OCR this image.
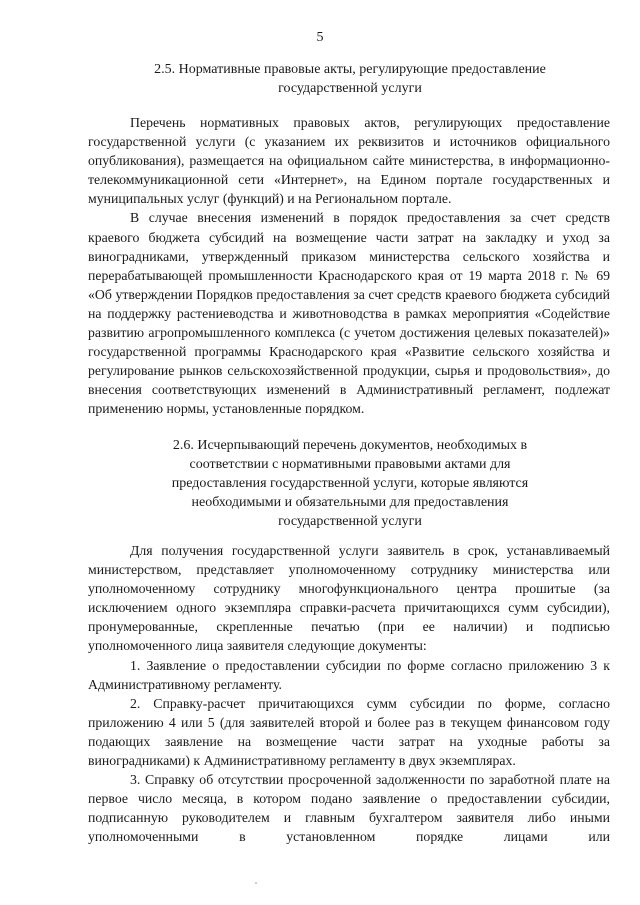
5
2.5. Нормативные правовые акты, регулирующие предоставление
государственной услуги

Перечень нормативных правовых актов, регулирующих предоставление государственной услуги (с указанием их реквизитов и источников официального опубликования), размещается на официальном сайте министерства, в информационно-телекоммуникационной сети «Интернет», на Едином портале государственных и муниципальных услуг (функций) и на Региональном портале.

В случае внесения изменений в порядок предоставления за счет средств краевого бюджета субсидий на возмещение части затрат на закладку и уход за виноградниками, утвержденный приказом министерства сельского хозяйства и перерабатывающей промышленности Краснодарского края от 19 марта 2018 г. № 69 «Об утверждении Порядков предоставления за счет средств краевого бюджета субсидий на поддержку растениеводства и животноводства в рамках мероприятия «Содействие развитию агропромышленного комплекса (с учетом достижения целевых показателей)» государственной программы Краснодарского края «Развитие сельского хозяйства и регулирование рынков сельскохозяйственной продукции, сырья и продовольствия», до внесения соответствующих изменений в Административный регламент, подлежат применению нормы, установленные порядком.

2.6. Исчерпывающий перечень документов, необходимых в
соответствии с нормативными правовыми актами для
предоставления государственной услуги, которые являются
необходимыми и обязательными для предоставления
государственной услуги

Для получения государственной услуги заявитель в срок, устанавливаемый министерством, представляет уполномоченному сотруднику министерства или уполномоченному сотруднику многофункционального центра прошитые (за исключением одного экземпляра справки-расчета причитающихся сумм субсидии), пронумерованные, скрепленные печатью (при ее наличии) и подписью уполномоченного лица заявителя следующие документы:

1. Заявление о предоставлении субсидии по форме согласно приложению 3 к Административному регламенту.

2. Справку-расчет причитающихся сумм субсидии по форме, согласно приложению 4 или 5 (для заявителей второй и более раз в текущем финансовом году подающих заявление на возмещение части затрат на уходные работы за виноградниками) к Административному регламенту в двух экземплярах.

3. Справку об отсутствии просроченной задолженности по заработной плате на первое число месяца, в котором подано заявление о предоставлении субсидии, подписанную руководителем и главным бухгалтером заявителя либо иными уполномоченными в установленном порядке лицами или
